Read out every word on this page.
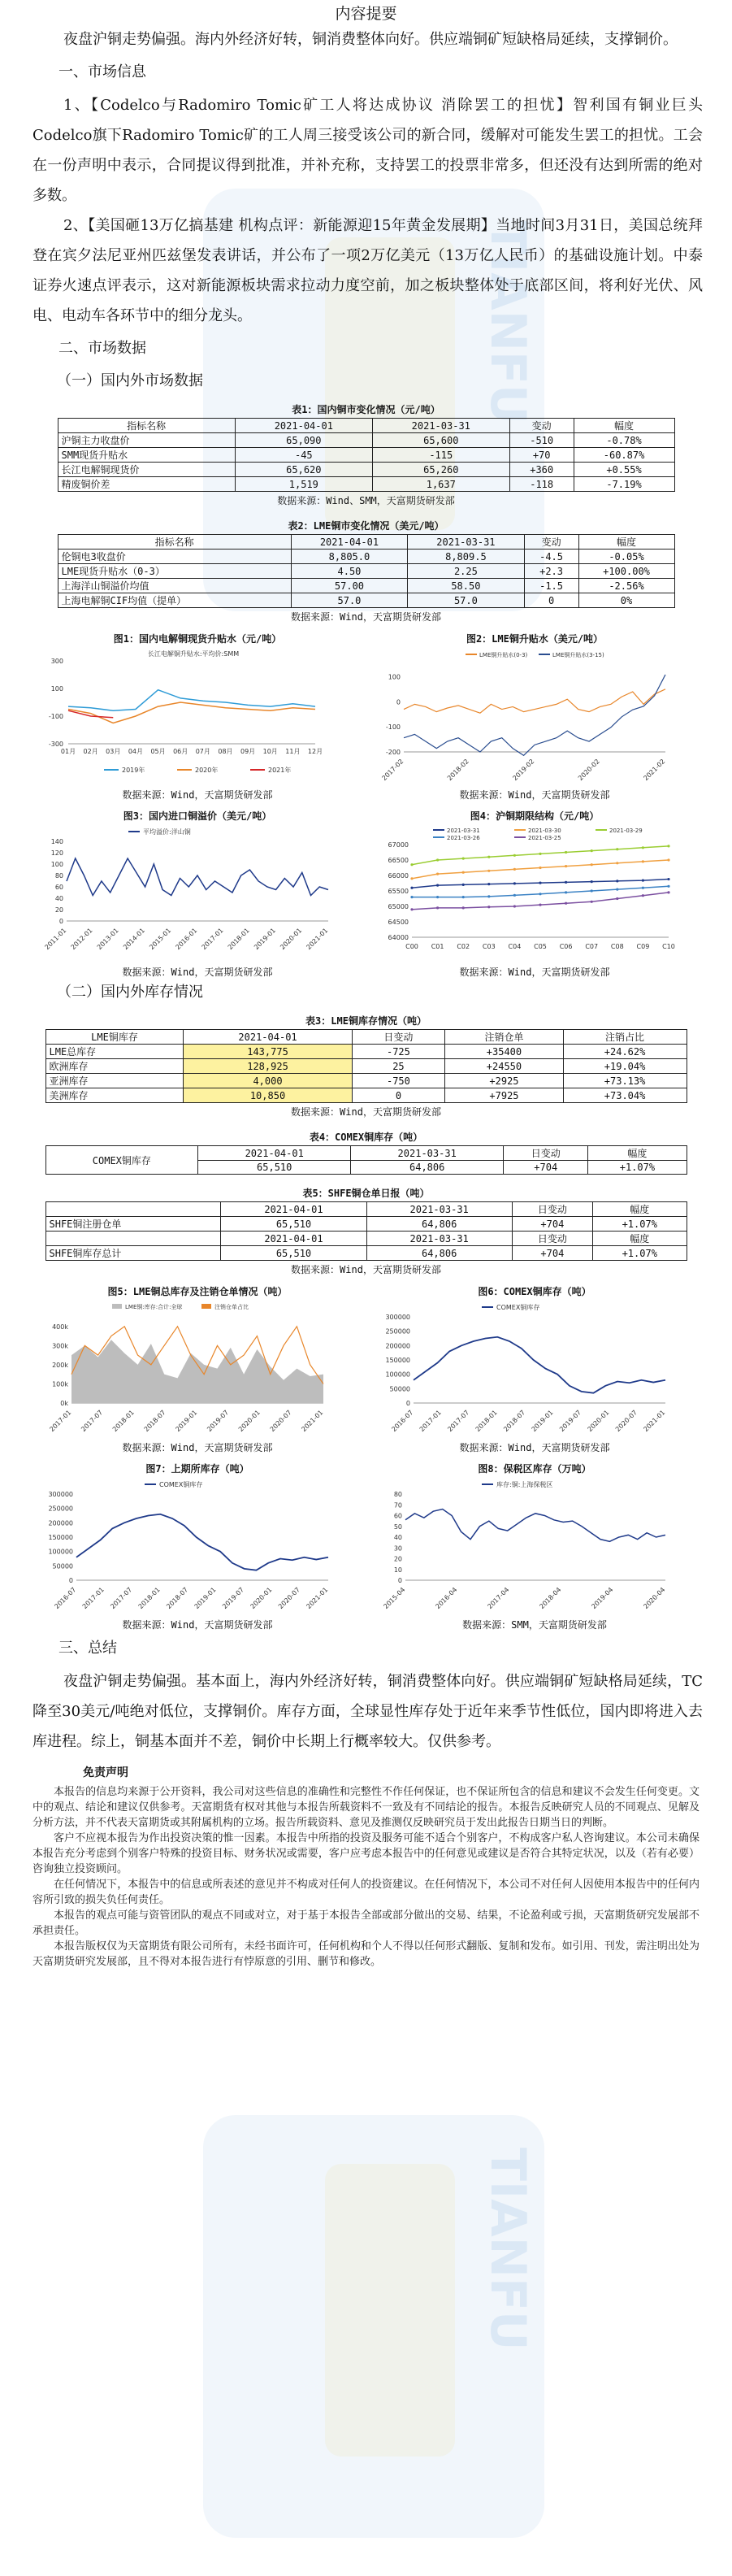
TIANFU
TIANFU
内容提要

夜盘沪铜走势偏强。海内外经济好转，铜消费整体向好。供应端铜矿短缺格局延续，支撑铜价。

一、市场信息

1、【Codelco与Radomiro Tomic矿工人将达成协议 消除罢工的担忧】智利国有铜业巨头Codelco旗下Radomiro Tomic矿的工人周三接受该公司的新合同，缓解对可能发生罢工的担忧。工会在一份声明中表示，合同提议得到批准，并补充称，支持罢工的投票非常多，但还没有达到所需的绝对多数。

2、【美国砸13万亿搞基建 机构点评：新能源迎15年黄金发展期】当地时间3月31日，美国总统拜登在宾夕法尼亚州匹兹堡发表讲话，并公布了一项2万亿美元（13万亿人民币）的基础设施计划。中泰证券火速点评表示，这对新能源板块需求拉动力度空前，加之板块整体处于底部区间，将利好光伏、风电、电动车各环节中的细分龙头。

二、市场数据
（一）国内外市场数据
表1：国内铜市变化情况（元/吨）
指标名称	2021-04-01	2021-03-31	变动	幅度
沪铜主力收盘价	65,090	65,600	-510	-0.78%
SMM现货升贴水	-45	-115	+70	-60.87%
长江电解铜现货价	65,620	65,260	+360	+0.55%
精废铜价差	1,519	1,637	-118	-7.19%
数据来源：Wind、SMM，天富期货研发部
表2：LME铜市变化情况（美元/吨）
指标名称	2021-04-01	2021-03-31	变动	幅度
伦铜电3收盘价	8,805.0	8,809.5	-4.5	-0.05%
LME现货升贴水（0-3）	4.50	2.25	+2.3	+100.00%
上海洋山铜溢价均值	57.00	58.50	-1.5	-2.56%
上海电解铜CIF均值（提单）	57.0	57.0	0	0%
数据来源：Wind，天富期货研发部
图1：国内电解铜现货升贴水（元/吨）
长江电解铜升贴水:平均价:SMM
-300
-100
100
300
01月 02月 03月 04月 05月 06月 07月 08月 09月 10月 11月 12月
2019年	2020年	2021年
数据来源：Wind，天富期货研发部
图2：LME铜升贴水（美元/吨）
LME铜升贴水(0-3)	LME铜升贴水(3-15)
-200
-100
0
100
2017-02	2018-02	2019-02	2020-02	2021-02
数据来源：Wind，天富期货研发部
图3：国内进口铜溢价（美元/吨）
平均溢价:洋山铜
0
20
40
60
80
100
120
140
2011-01 2012-01 2013-01 2014-01 2015-01 2016-01 2017-01 2018-01 2019-01 2020-01 2021-01
数据来源：Wind，天富期货研发部
图4：沪铜期限结构（元/吨）
2021-03-31	2021-03-30	2021-03-29
2021-03-26	2021-03-25
64000
64500
65000
65500
66000
66500
67000
C00 C01 C02 C03 C04 C05 C06 C07 C08 C09 C10
数据来源：Wind，天富期货研发部
（二）国内外库存情况
表3：LME铜库存情况（吨）
LME铜库存	2021-04-01	日变动	注销仓单	注销占比
LME总库存	143,775	-725	+35400	+24.62%
欧洲库存	128,925	25	+24550	+19.04%
亚洲库存	4,000	-750	+2925	+73.13%
美洲库存	10,850	0	+7925	+73.04%
数据来源：Wind，天富期货研发部
表4：COMEX铜库存（吨）
COMEX铜库存	2021-04-01	2021-03-31	日变动	幅度
	65,510	64,806	+704	+1.07%
表5：SHFE铜仓单日报（吨）
	2021-04-01	2021-03-31	日变动	幅度
SHFE铜注册仓单	65,510	64,806	+704	+1.07%
	2021-04-01	2021-03-31	日变动	幅度
SHFE铜库存总计	65,510	64,806	+704	+1.07%
数据来源：Wind，天富期货研发部
图5：LME铜总库存及注销仓单情况（吨）
LME铜:库存:合计:全球	注销仓单占比
0k
100k
200k
300k
400k
2017-01 2017-07 2018-01 2018-07 2019-01 2019-07 2020-01 2020-07 2021-01
数据来源：Wind，天富期货研发部
图6：COMEX铜库存（吨）
COMEX铜库存
0
50000
100000
150000
200000
250000
300000
2016-07 2017-01 2017-07 2018-01 2018-07 2019-01 2019-07 2020-01 2020-07 2021-01
数据来源：Wind，天富期货研发部
图7：上期所库存（吨）
COMEX铜库存
0
50000
100000
150000
200000
250000
300000
2016-07 2017-01 2017-07 2018-01 2018-07 2019-01 2019-07 2020-01 2020-07 2021-01
数据来源：Wind，天富期货研发部
图8：保税区库存（万吨）
库存:铜:上海保税区
0
10
20
30
40
50
60
70
80
2015-04	2016-04	2017-04	2018-04	2019-04	2020-04
数据来源：SMM，天富期货研发部
三、总结

夜盘沪铜走势偏强。基本面上，海内外经济好转，铜消费整体向好。供应端铜矿短缺格局延续，TC降至30美元/吨绝对低位，支撑铜价。库存方面，全球显性库存处于近年来季节性低位，国内即将进入去库进程。综上，铜基本面并不差，铜价中长期上行概率较大。仅供参考。

免责声明

本报告的信息均来源于公开资料，我公司对这些信息的准确性和完整性不作任何保证，也不保证所包含的信息和建议不会发生任何变更。文中的观点、结论和建议仅供参考。天富期货有权对其他与本报告所载资料不一致及有不同结论的报告。本报告反映研究人员的不同观点、见解及分析方法，并不代表天富期货或其附属机构的立场。报告所载资料、意见及推测仅反映研究员于发出此报告日期当日的判断。

客户不应视本报告为作出投资决策的惟一因素。本报告中所指的投资及服务可能不适合个别客户，不构成客户私人咨询建议。本公司未确保本报告充分考虑到个别客户特殊的投资目标、财务状况或需要，客户应考虑本报告中的任何意见或建议是否符合其特定状况，以及（若有必要）咨询独立投资顾问。

在任何情况下，本报告中的信息或所表述的意见并不构成对任何人的投资建议。在任何情况下，本公司不对任何人因使用本报告中的任何内容所引致的损失负任何责任。

本报告的观点可能与资管团队的观点不同或对立，对于基于本报告全部或部分做出的交易、结果，不论盈利或亏损，天富期货研究发展部不承担责任。

本报告版权仅为天富期货有限公司所有，未经书面许可，任何机构和个人不得以任何形式翻版、复制和发布。如引用、刊发，需注明出处为天富期货研究发展部，且不得对本报告进行有悖原意的引用、删节和修改。
